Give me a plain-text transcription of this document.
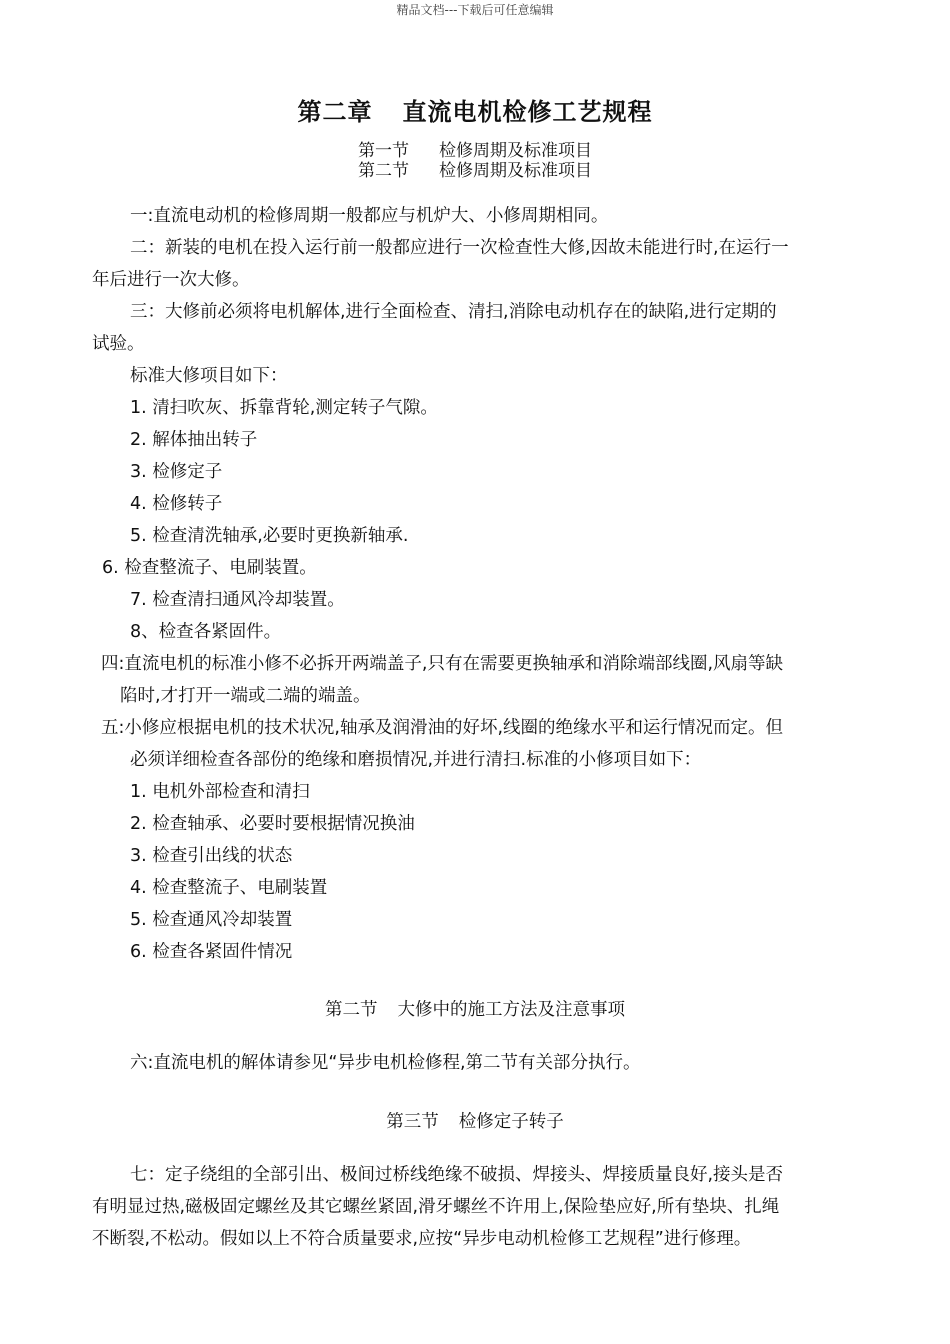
精品文档---下载后可任意编辑
第二章 直流电机检修工艺规程
第一节 检修周期及标准项目
第二节 检修周期及标准项目
一:直流电动机的检修周期一般都应与机炉大、小修周期相同。
二：新装的电机在投入运行前一般都应进行一次检查性大修,因故未能进行时,在运行一
年后进行一次大修。
三：大修前必须将电机解体,进行全面检查、清扫,消除电动机存在的缺陷,进行定期的
试验。
标准大修项目如下：
1. 清扫吹灰、拆靠背轮,测定转子气隙。
2. 解体抽出转子
3. 检修定子
4. 检修转子
5. 检查清洗轴承,必要时更换新轴承.
6. 检查整流子、电刷装置。
7. 检查清扫通风冷却装置。
8、检查各紧固件。
四:直流电机的标准小修不必拆开两端盖子,只有在需要更换轴承和消除端部线圈,风扇等缺
陷时,才打开一端或二端的端盖。
五:小修应根据电机的技术状况,轴承及润滑油的好坏,线圈的绝缘水平和运行情况而定。但
必须详细检查各部份的绝缘和磨损情况,并进行清扫.标准的小修项目如下：
1. 电机外部检查和清扫
2. 检查轴承、必要时要根据情况换油
3. 检查引出线的状态
4. 检查整流子、电刷装置
5. 检查通风冷却装置
6. 检查各紧固件情况
第二节 大修中的施工方法及注意事项
六:直流电机的解体请参见“异步电机检修程,第二节有关部分执行。
第三节 检修定子转子
七：定子绕组的全部引出、极间过桥线绝缘不破损、焊接头、焊接质量良好,接头是否
有明显过热,磁极固定螺丝及其它螺丝紧固,滑牙螺丝不许用上,保险垫应好,所有垫块、扎绳
不断裂,不松动。假如以上不符合质量要求,应按“异步电动机检修工艺规程”进行修理。
